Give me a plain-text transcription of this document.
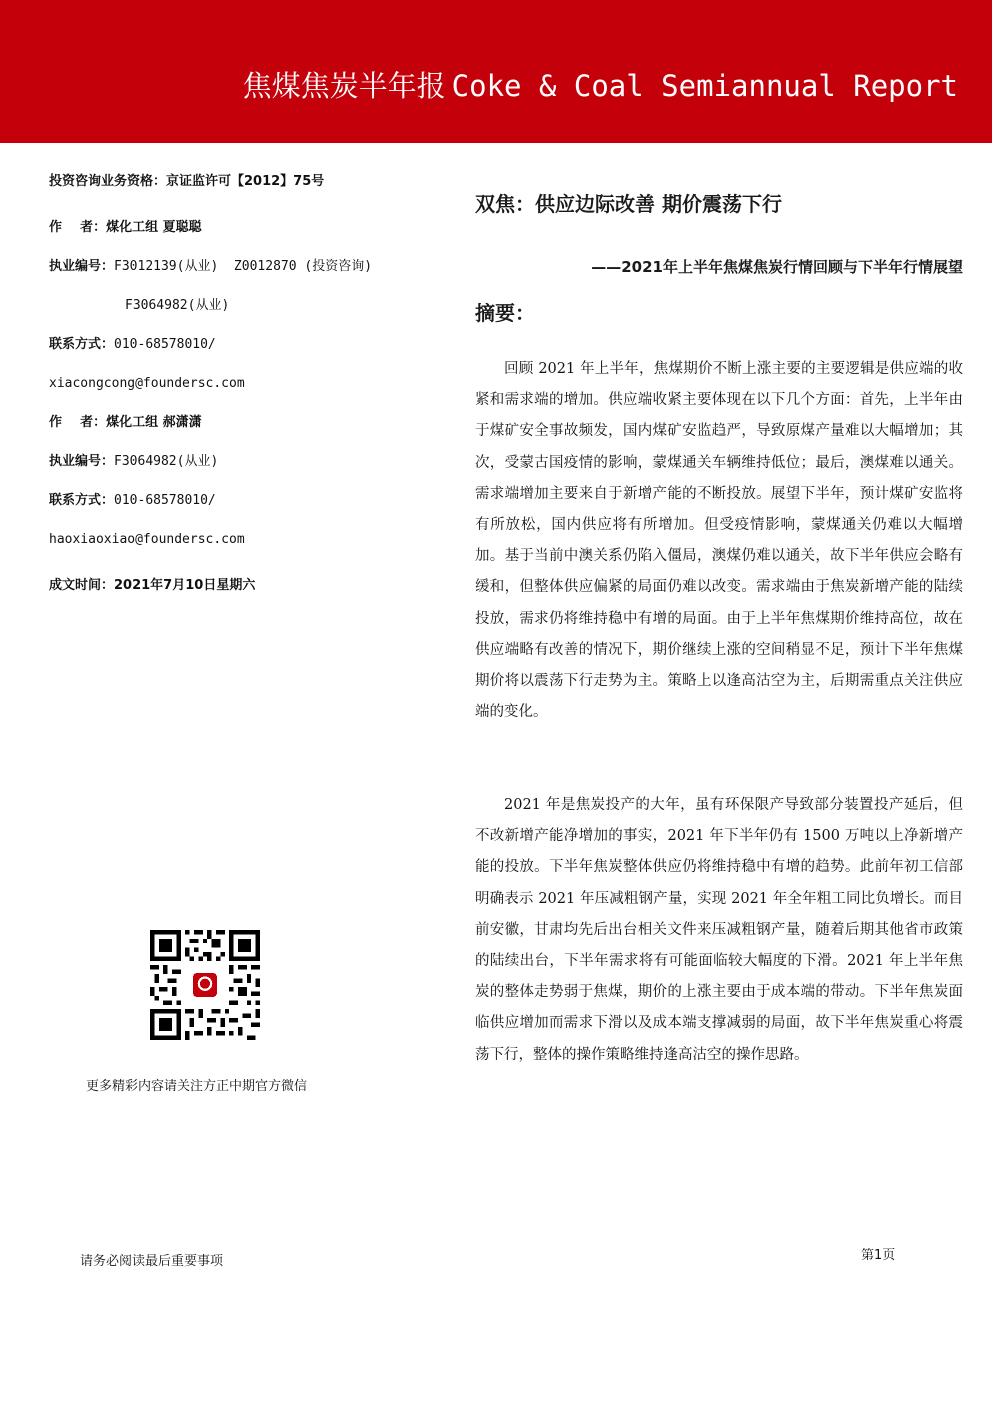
焦煤焦炭半年报 Coke & Coal Semiannual Report
投资咨询业务资格：京证监许可【2012】75号
作    者：煤化工组 夏聪聪
执业编号：F3012139(从业)  Z0012870 (投资咨询)
F3064982(从业)
联系方式：010-68578010/
xiacongcong@foundersc.com
作    者：煤化工组 郝潇潇
执业编号：F3064982(从业)
联系方式：010-68578010/
haoxiaoxiao@foundersc.com
成文时间：2021年7月10日星期六
更多精彩内容请关注方正中期官方微信
双焦：供应边际改善 期价震荡下行
——2021年上半年焦煤焦炭行情回顾与下半年行情展望
摘要：

回顾 2021 年上半年，焦煤期价不断上涨主要的主要逻辑是供应端的收紧和需求端的增加。供应端收紧主要体现在以下几个方面：首先，上半年由于煤矿安全事故频发，国内煤矿安监趋严，导致原煤产量难以大幅增加；其次，受蒙古国疫情的影响，蒙煤通关车辆维持低位；最后，澳煤难以通关。需求端增加主要来自于新增产能的不断投放。展望下半年，预计煤矿安监将有所放松，国内供应将有所增加。但受疫情影响，蒙煤通关仍难以大幅增加。基于当前中澳关系仍陷入僵局，澳煤仍难以通关，故下半年供应会略有缓和，但整体供应偏紧的局面仍难以改变。需求端由于焦炭新增产能的陆续投放，需求仍将维持稳中有增的局面。由于上半年焦煤期价维持高位，故在供应端略有改善的情况下，期价继续上涨的空间稍显不足，预计下半年焦煤期价将以震荡下行走势为主。策略上以逢高沽空为主，后期需重点关注供应端的变化。

2021 年是焦炭投产的大年，虽有环保限产导致部分装置投产延后，但不改新增产能净增加的事实，2021 年下半年仍有 1500 万吨以上净新增产能的投放。下半年焦炭整体供应仍将维持稳中有增的趋势。此前年初工信部明确表示 2021 年压减粗钢产量，实现 2021 年全年粗工同比负增长。而目前安徽，甘肃均先后出台相关文件来压减粗钢产量，随着后期其他省市政策的陆续出台，下半年需求将有可能面临较大幅度的下滑。2021 年上半年焦炭的整体走势弱于焦煤，期价的上涨主要由于成本端的带动。下半年焦炭面临供应增加而需求下滑以及成本端支撑减弱的局面，故下半年焦炭重心将震荡下行，整体的操作策略维持逢高沽空的操作思路。

请务必阅读最后重要事项	第1页
